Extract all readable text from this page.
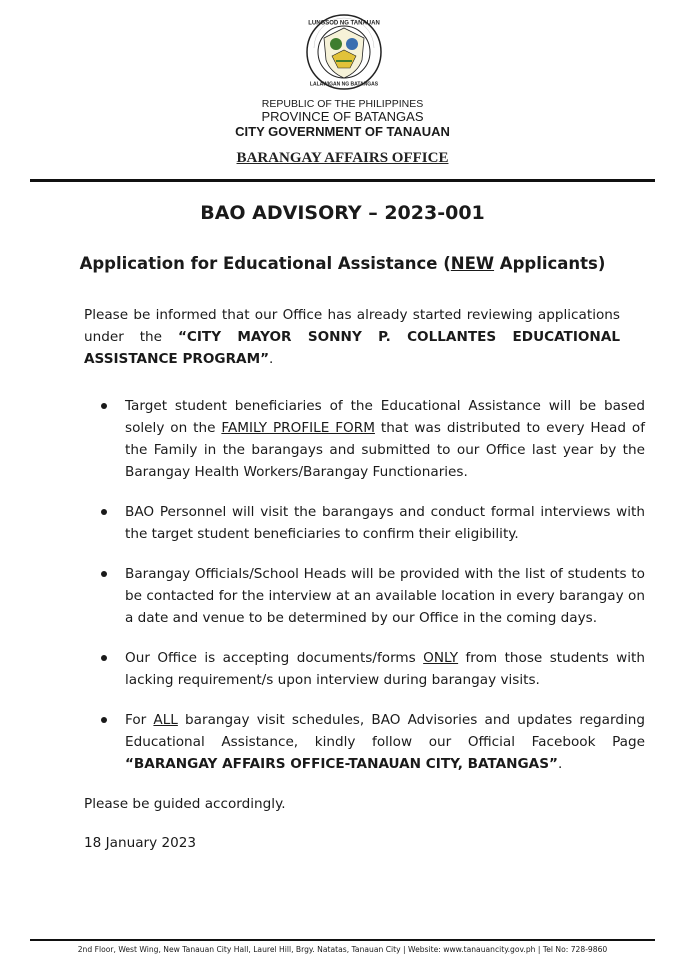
LUNGSOD NG TANAUAN
LALAWIGAN NG BATANGAS
REPUBLIC OF THE PHILIPPINES
PROVINCE OF BATANGAS
CITY GOVERNMENT OF TANAUAN
BARANGAY AFFAIRS OFFICE
BAO ADVISORY – 2023-001
Application for Educational Assistance (NEW Applicants)
Please be informed that our Office has already started reviewing applications under the “CITY MAYOR SONNY P. COLLANTES EDUCATIONAL ASSISTANCE PROGRAM”.
Target student beneficiaries of the Educational Assistance will be based solely on the FAMILY PROFILE FORM that was distributed to every Head of the Family in the barangays and submitted to our Office last year by the Barangay Health Workers/Barangay Functionaries.
BAO Personnel will visit the barangays and conduct formal interviews with the target student beneficiaries to confirm their eligibility.
Barangay Officials/School Heads will be provided with the list of students to be contacted for the interview at an available location in every barangay on a date and venue to be determined by our Office in the coming days.
Our Office is accepting documents/forms ONLY from those students with lacking requirement/s upon interview during barangay visits.
For ALL barangay visit schedules, BAO Advisories and updates regarding Educational Assistance, kindly follow our Official Facebook Page “BARANGAY AFFAIRS OFFICE-TANAUAN CITY, BATANGAS”.
Please be guided accordingly.
18 January 2023
2nd Floor, West Wing, New Tanauan City Hall, Laurel Hill, Brgy. Natatas, Tanauan City | Website: www.tanauancity.gov.ph | Tel No: 728-9860
